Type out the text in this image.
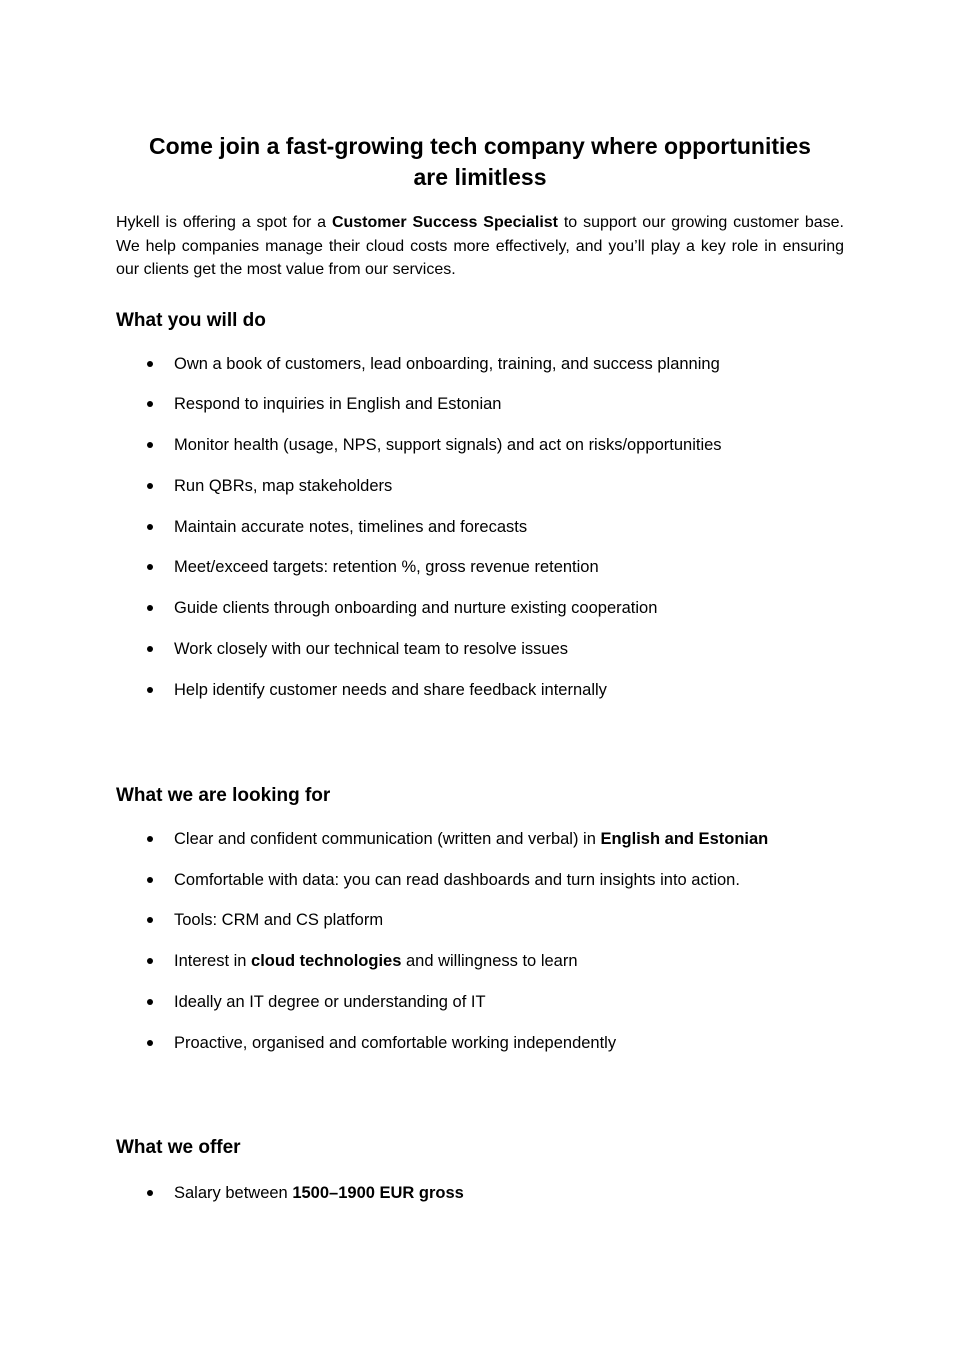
Come join a fast-growing tech company where opportunities are limitless

Hykell is offering a spot for a Customer Success Specialist to support our growing customer base. We help companies manage their cloud costs more effectively, and you’ll play a key role in ensuring our clients get the most value from our services.

What you will do
Own a book of customers, lead onboarding, training, and success planning
Respond to inquiries in English and Estonian
Monitor health (usage, NPS, support signals) and act on risks/opportunities
Run QBRs, map stakeholders
Maintain accurate notes, timelines and forecasts
Meet/exceed targets: retention %, gross revenue retention
Guide clients through onboarding and nurture existing cooperation
Work closely with our technical team to resolve issues
Help identify customer needs and share feedback internally
What we are looking for
Clear and confident communication (written and verbal) in English and Estonian
Comfortable with data: you can read dashboards and turn insights into action.
Tools: CRM and CS platform
Interest in cloud technologies and willingness to learn
Ideally an IT degree or understanding of IT
Proactive, organised and comfortable working independently
What we offer
Salary between 1500–1900 EUR gross
